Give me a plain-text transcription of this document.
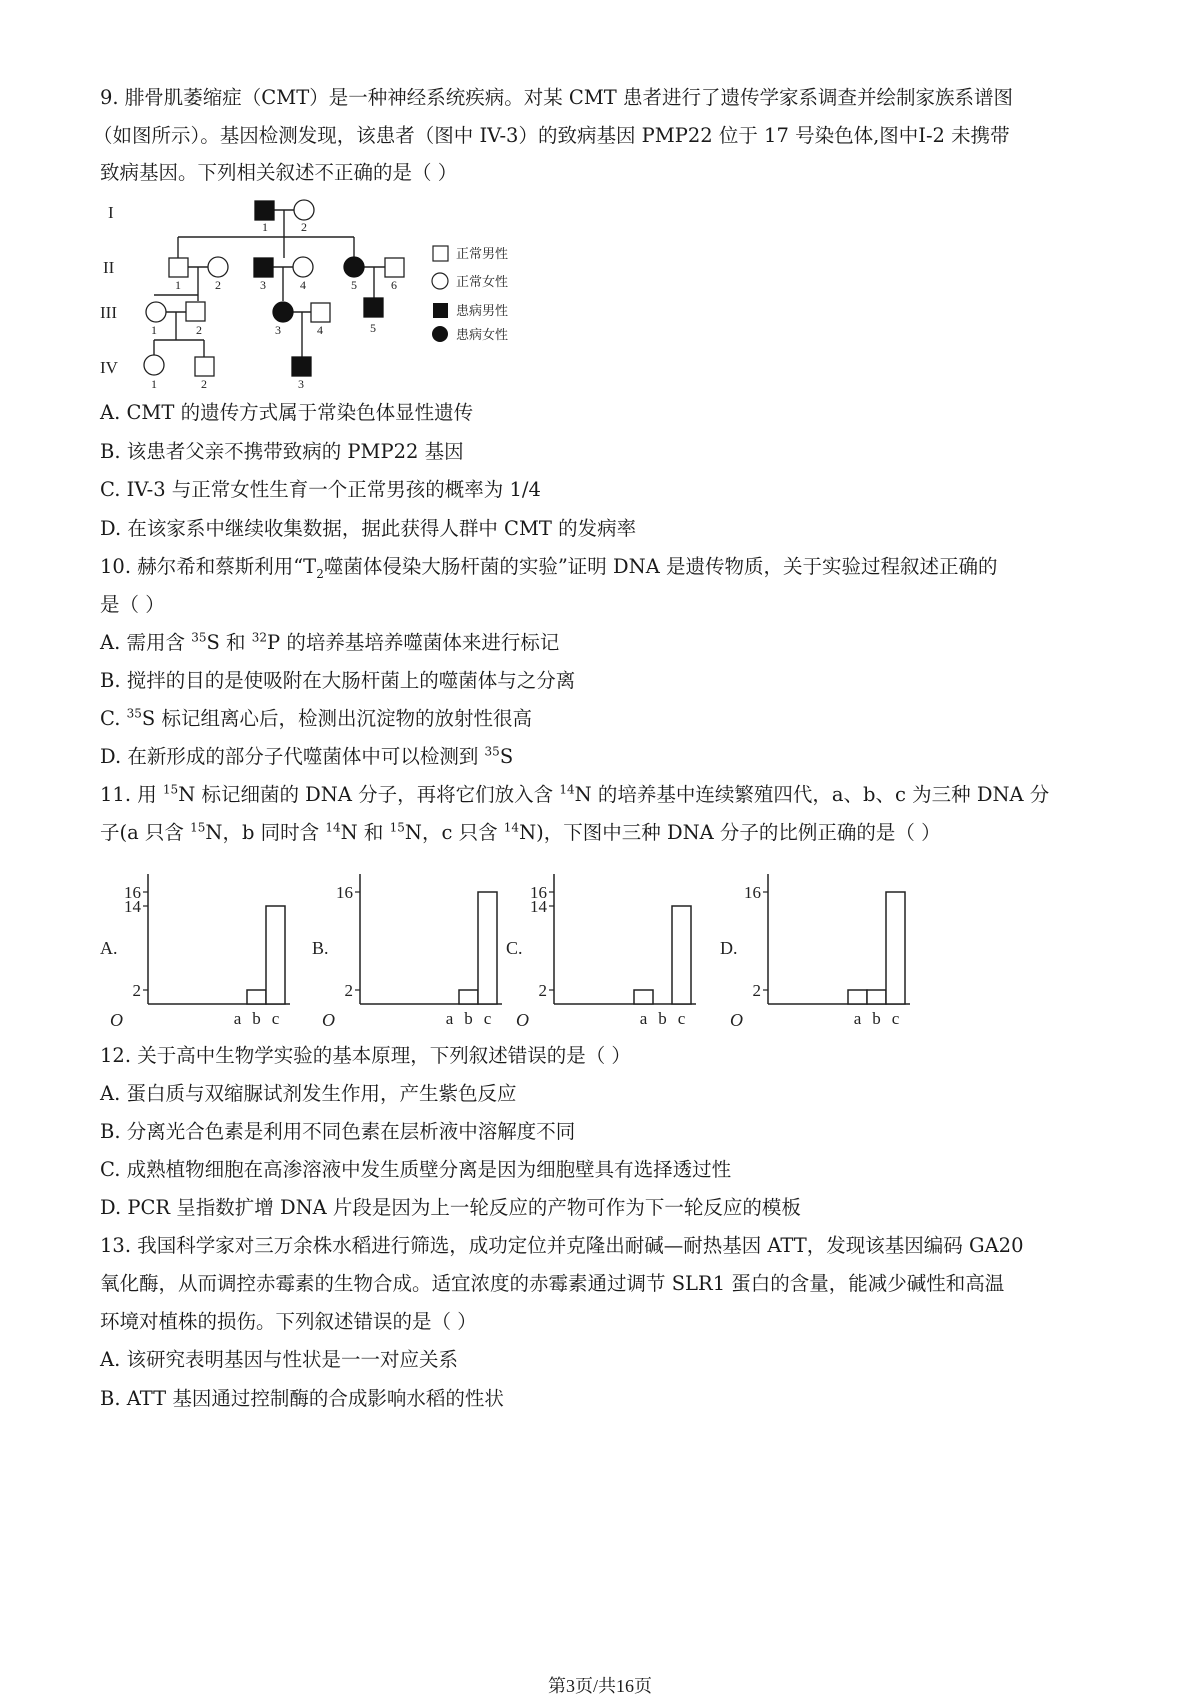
9. 腓骨肌萎缩症（CMT）是一种神经系统疾病。对某 CMT 患者进行了遗传学家系调查并绘制家族系谱图
（如图所示）。基因检测发现，该患者（图中 IV-3）的致病基因 PMP22 位于 17 号染色体,图中Ⅰ-2 未携带
致病基因。下列相关叙述不正确的是（ ）
I
II
III
IV
1	2
1	2	3	4	5	6
1	2	3	4	5
1	2	3
正常男性
正常女性
患病男性
患病女性
A. CMT 的遗传方式属于常染色体显性遗传
B. 该患者父亲不携带致病的 PMP22 基因
C. IV-3 与正常女性生育一个正常男孩的概率为 1/4
D. 在该家系中继续收集数据，据此获得人群中 CMT 的发病率
10. 赫尔希和蔡斯利用“$T_2$噬菌体侵染大肠杆菌的实验”证明 DNA 是遗传物质，关于实验过程叙述正确的
是（ ）
A. 需用含 $^{35}$S 和 $^{32}$P 的培养基培养噬菌体来进行标记
B. 搅拌的目的是使吸附在大肠杆菌上的噬菌体与之分离
C. $^{35}$S 标记组离心后，检测出沉淀物的放射性很高
D. 在新形成的部分子代噬菌体中可以检测到 $^{35}$S
11. 用 $^{15}$N 标记细菌的 DNA 分子，再将它们放入含 $^{14}$N 的培养基中连续繁殖四代，a、b、c 为三种 DNA 分
子(a 只含 $^{15}$N，b 同时含 $^{14}$N 和 $^{15}$N，c 只含 $^{14}$N)，下图中三种 DNA 分子的比例正确的是（ ）
A.
O
16
14
2
a b c
B.
O
16
2
a b c
C.
O
16
14
2
a b c
D.
O
16
2
a b c
12. 关于高中生物学实验的基本原理，下列叙述错误的是（ ）
A. 蛋白质与双缩脲试剂发生作用，产生紫色反应
B. 分离光合色素是利用不同色素在层析液中溶解度不同
C. 成熟植物细胞在高渗溶液中发生质壁分离是因为细胞壁具有选择透过性
D. PCR 呈指数扩增 DNA 片段是因为上一轮反应的产物可作为下一轮反应的模板
13. 我国科学家对三万余株水稻进行筛选，成功定位并克隆出耐碱—耐热基因 ATT，发现该基因编码 GA20
氧化酶，从而调控赤霉素的生物合成。适宜浓度的赤霉素通过调节 SLR1 蛋白的含量，能减少碱性和高温
环境对植株的损伤。下列叙述错误的是（ ）
A. 该研究表明基因与性状是一一对应关系
B. ATT 基因通过控制酶的合成影响水稻的性状
第3页/共16页
